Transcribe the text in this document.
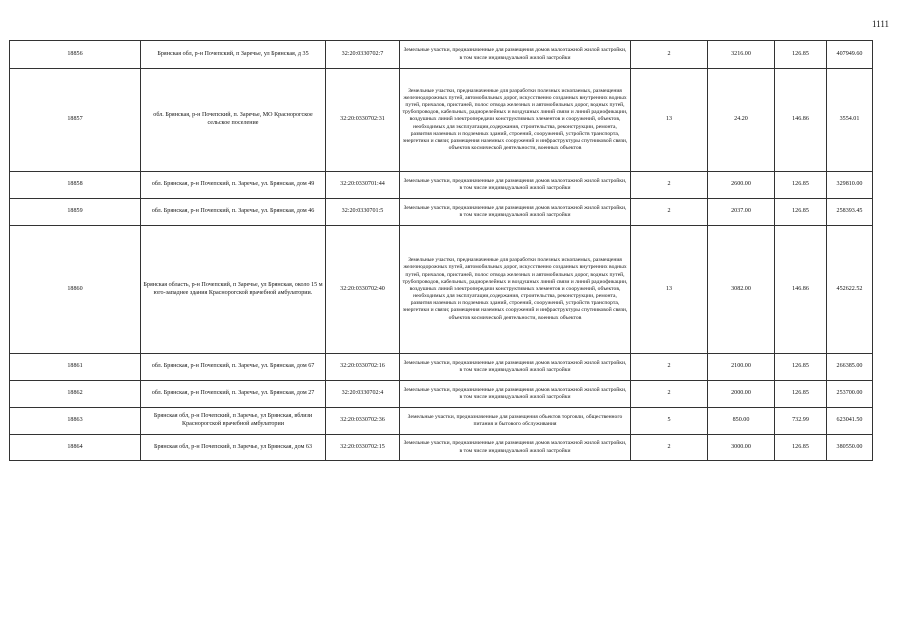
1111
18856	Брянская обл, р-н Почепский, п Заречье, ул Брянская, д 35	32:20:0330702:7	Земельные участки, предназначенные для размещения домов малоэтажной жилой застройки, в том числе индивидуальной жилой застройки	2	3216.00	126.85	407949.60
18857	обл. Брянская, р-н Почепский, п. Заречье, МО Краснорогское сельское поселение	32:20:0330702:31	Земельные участки, предназначенные для разработки полезных ископаемых, размещения железнодорожных путей, автомобильных дорог, искусственно созданных внутренних водных путей, причалов, пристаней, полос отвода железных и автомобильных дорог, водных путей, трубопроводов, кабельных, радиорелейных и воздушных линий связи и линий радиофикации, воздушных линий электропередачи конструктивных элементов и сооружений, объектов, необходимых для эксплуатации,содержания, строительства, реконструкции, ремонта, развития наземных и подземных зданий, строений, сооружений, устройств транспорта, энергетики и связи; размещения наземных сооружений и инфраструктуры спутниковой связи, объектов космической деятельности, военных объектов	13	24.20	146.86	3554.01
18858	обл. Брянская, р-н Почепский, п. Заречье, ул. Брянская, дом 49	32:20:0330701:44	Земельные участки, предназначенные для размещения домов малоэтажной жилой застройки, в том числе индивидуальной жилой застройки	2	2600.00	126.85	329810.00
18859	обл. Брянская, р-н Почепский, п. Заречье, ул. Брянская, дом 46	32:20:0330701:5	Земельные участки, предназначенные для размещения домов малоэтажной жилой застройки, в том числе индивидуальной жилой застройки	2	2037.00	126.85	258393.45
18860	Брянская область, р-н Почепский, п Заречье, ул Брянская, около 15 м юго-западнее здания Краснорогской врачебной амбулатории.	32:20:0330702:40	Земельные участки, предназначенные для разработки полезных ископаемых, размещения железнодорожных путей, автомобильных дорог, искусственно созданных внутренних водных путей, причалов, пристаней, полос отвода железных и автомобильных дорог, водных путей, трубопроводов, кабельных, радиорелейных и воздушных линий связи и линий радиофикации, воздушных линий электропередачи конструктивных элементов и сооружений, объектов, необходимых для эксплуатации,содержания, строительства, реконструкции, ремонта, развития наземных и подземных зданий, строений, сооружений, устройств транспорта, энергетики и связи; размещения наземных сооружений и инфраструктуры спутниковой связи, объектов космической деятельности, военных объектов	13	3082.00	146.86	452622.52
18861	обл. Брянская, р-н Почепский, п. Заречье, ул. Брянская, дом 67	32:20:0330702:16	Земельные участки, предназначенные для размещения домов малоэтажной жилой застройки, в том числе индивидуальной жилой застройки	2	2100.00	126.85	266385.00
18862	обл. Брянская, р-н Почепский, п. Заречье, ул. Брянская, дом 27	32:20:0330702:4	Земельные участки, предназначенные для размещения домов малоэтажной жилой застройки, в том числе индивидуальной жилой застройки	2	2000.00	126.85	253700.00
18863	Брянская обл, р-н Почепский, п Заречье, ул Брянская, вблизи Краснорогской врачебной амбулатории	32:20:0330702:36	Земельные участки, предназначенные для размещения объектов торговли, общественного питания и бытового обслуживания	5	850.00	732.99	623041.50
18864	Брянская обл, р-н Почепский, п Заречье, ул Брянская, дом 63	32:20:0330702:15	Земельные участки, предназначенные для размещения домов малоэтажной жилой застройки, в том числе индивидуальной жилой застройки	2	3000.00	126.85	380550.00
